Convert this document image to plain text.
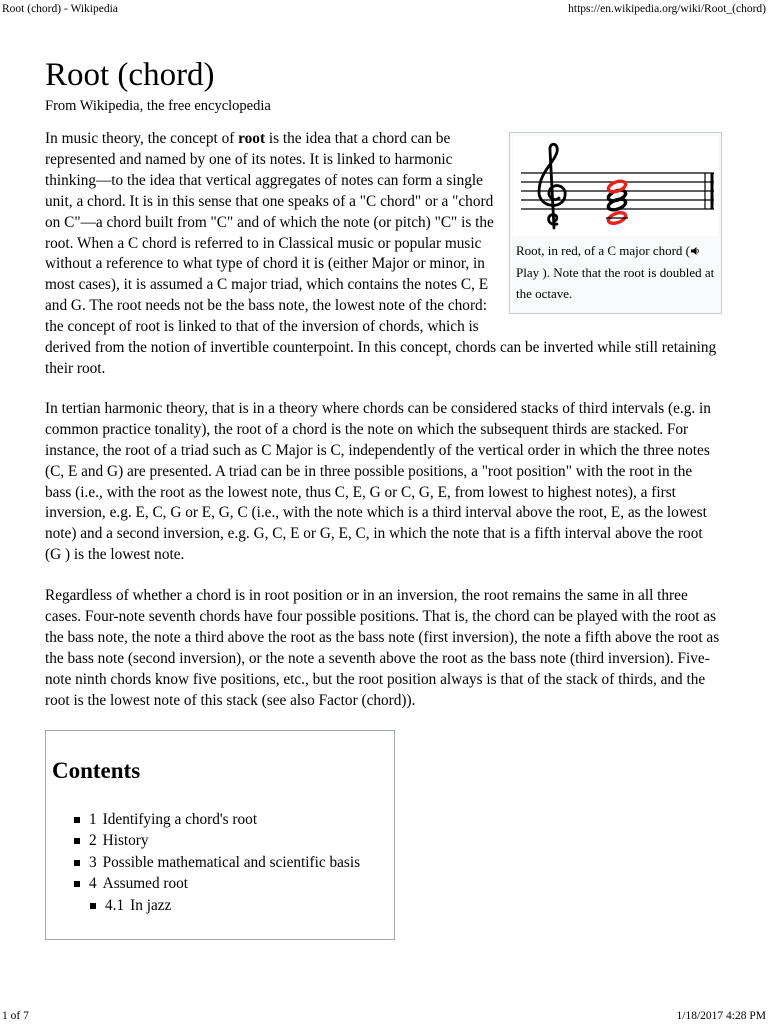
Root (chord) - Wikipedia	https://en.wikipedia.org/wiki/Root_(chord)
Root (chord)
From Wikipedia, the free encyclopedia

Root, in red, of a C major chord ( Play ). Note that the root is doubled at the octave.
In music theory, the concept of root is the idea that a chord can be represented and named by one of its notes. It is linked to harmonic thinking—to the idea that vertical aggregates of notes can form a single unit, a chord. It is in this sense that one speaks of a "C chord" or a "chord on C"—a chord built from "C" and of which the note (or pitch) "C" is the root. When a C chord is referred to in Classical music or popular music without a reference to what type of chord it is (either Major or minor, in most cases), it is assumed a C major triad, which contains the notes C, E and G. The root needs not be the bass note, the lowest note of the chord: the concept of root is linked to that of the inversion of chords, which is derived from the notion of invertible counterpoint. In this concept, chords can be inverted while still retaining their root.

In tertian harmonic theory, that is in a theory where chords can be considered stacks of third intervals (e.g. in common practice tonality), the root of a chord is the note on which the subsequent thirds are stacked. For instance, the root of a triad such as C Major is C, independently of the vertical order in which the three notes (C, E and G) are presented. A triad can be in three possible positions, a "root position" with the root in the bass (i.e., with the root as the lowest note, thus C, E, G or C, G, E, from lowest to highest notes), a first inversion, e.g. E, C, G or E, G, C (i.e., with the note which is a third interval above the root, E, as the lowest note) and a second inversion, e.g. G, C, E or G, E, C, in which the note that is a fifth interval above the root (G ) is the lowest note.

Regardless of whether a chord is in root position or in an inversion, the root remains the same in all three cases. Four-note seventh chords have four possible positions. That is, the chord can be played with the root as the bass note, the note a third above the root as the bass note (first inversion), the note a fifth above the root as the bass note (second inversion), or the note a seventh above the root as the bass note (third inversion). Five-note ninth chords know five positions, etc., but the root position always is that of the stack of thirds, and the root is the lowest note of this stack (see also Factor (chord)).

Contents
1 Identifying a chord's root
2 History
3 Possible mathematical and scientific basis
4 Assumed root
4.1 In jazz
1 of 7	1/18/2017 4:28 PM
